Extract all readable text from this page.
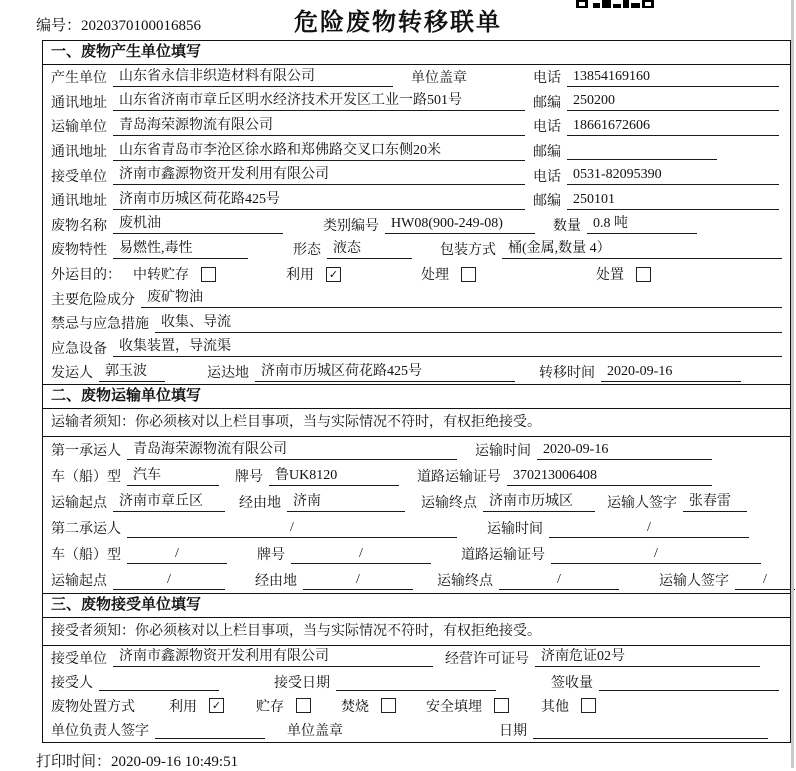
编号：2020370100016856	危险废物转移联单
一、废物产生单位填写
产生单位 山东省永信非织造材料有限公司	单位盖章	电话 13854169160
通讯地址 山东省济南市章丘区明水经济技术开发区工业一路501号	邮编 250200
运输单位 青岛海荣源物流有限公司	电话 18661672606
通讯地址 山东省青岛市李沧区徐水路和郑佛路交叉口东侧20米	邮编
接受单位 济南市鑫源物资开发利用有限公司	电话 0531-82095390
通讯地址 济南市历城区荷花路425号	邮编 250101
废物名称 废机油	类别编号 HW08(900-249-08)	数量 0.8 吨
废物特性 易燃性,毒性	形态 液态	包装方式 桶(金属,数量 4）
外运目的： 中转贮存	利用 ✓	处理	处置
主要危险成分 废矿物油
禁忌与应急措施 收集、导流
应急设备 收集装置，导流渠
发运人 郭玉波	运达地 济南市历城区荷花路425号	转移时间 2020-09-16
二、废物运输单位填写
运输者须知：你必须核对以上栏目事项，当与实际情况不符时，有权拒绝接受。
第一承运人 青岛海荣源物流有限公司	运输时间 2020-09-16
车（船）型 汽车	牌号 鲁UK8120	道路运输证号 370213006408
运输起点 济南市章丘区	经由地 济南	运输终点 济南市历城区	运输人签字 张春雷
第二承运人	/	运输时间	/
车（船）型	/	牌号	/	道路运输证号	/
运输起点	/	经由地	/	运输终点	/	运输人签字	/
三、废物接受单位填写
接受者须知：你必须核对以上栏目事项，当与实际情况不符时，有权拒绝接受。
接受单位 济南市鑫源物资开发利用有限公司	经营许可证号 济南危证02号
接受人	接受日期	签收量
废物处置方式 利用 ✓ 贮存	焚烧	安全填埋	其他
单位负责人签字	单位盖章	日期
打印时间：2020-09-16 10:49:51
